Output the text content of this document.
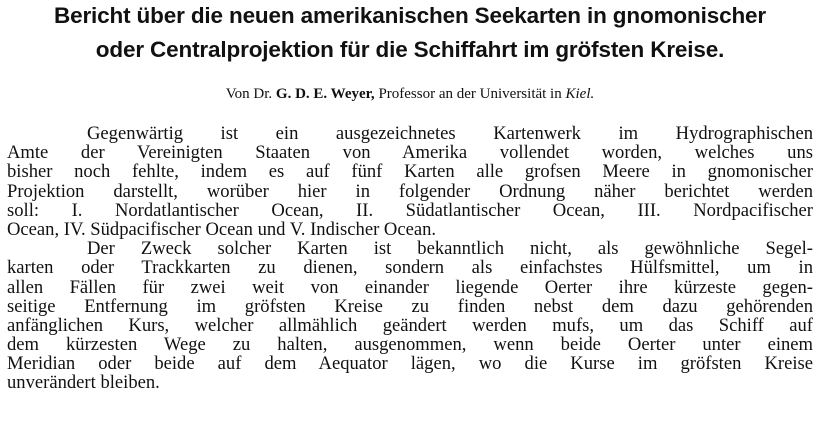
Bericht über die neuen amerikanischen Seekarten in gnomonischer
oder Centralprojektion für die Schiffahrt im gröfsten Kreise.
Von Dr. G. D. E. Weyer, Professor an der Universität in Kiel.
Gegenwärtig ist ein ausgezeichnetes Kartenwerk im Hydrographischen
Amte der Vereinigten Staaten von Amerika vollendet worden, welches uns
bisher noch fehlte, indem es auf fünf Karten alle grofsen Meere in gnomonischer
Projektion darstellt, worüber hier in folgender Ordnung näher berichtet werden
soll: I. Nordatlantischer Ocean, II. Südatlantischer Ocean, III. Nordpacifischer
Ocean, IV. Südpacifischer Ocean und V. Indischer Ocean.
Der Zweck solcher Karten ist bekanntlich nicht, als gewöhnliche Segel-
karten oder Trackkarten zu dienen, sondern als einfachstes Hülfsmittel, um in
allen Fällen für zwei weit von einander liegende Oerter ihre kürzeste gegen-
seitige Entfernung im gröfsten Kreise zu finden nebst dem dazu gehörenden
anfänglichen Kurs, welcher allmählich geändert werden mufs, um das Schiff auf
dem kürzesten Wege zu halten, ausgenommen, wenn beide Oerter unter einem
Meridian oder beide auf dem Aequator lägen, wo die Kurse im gröfsten Kreise
unverändert bleiben.
